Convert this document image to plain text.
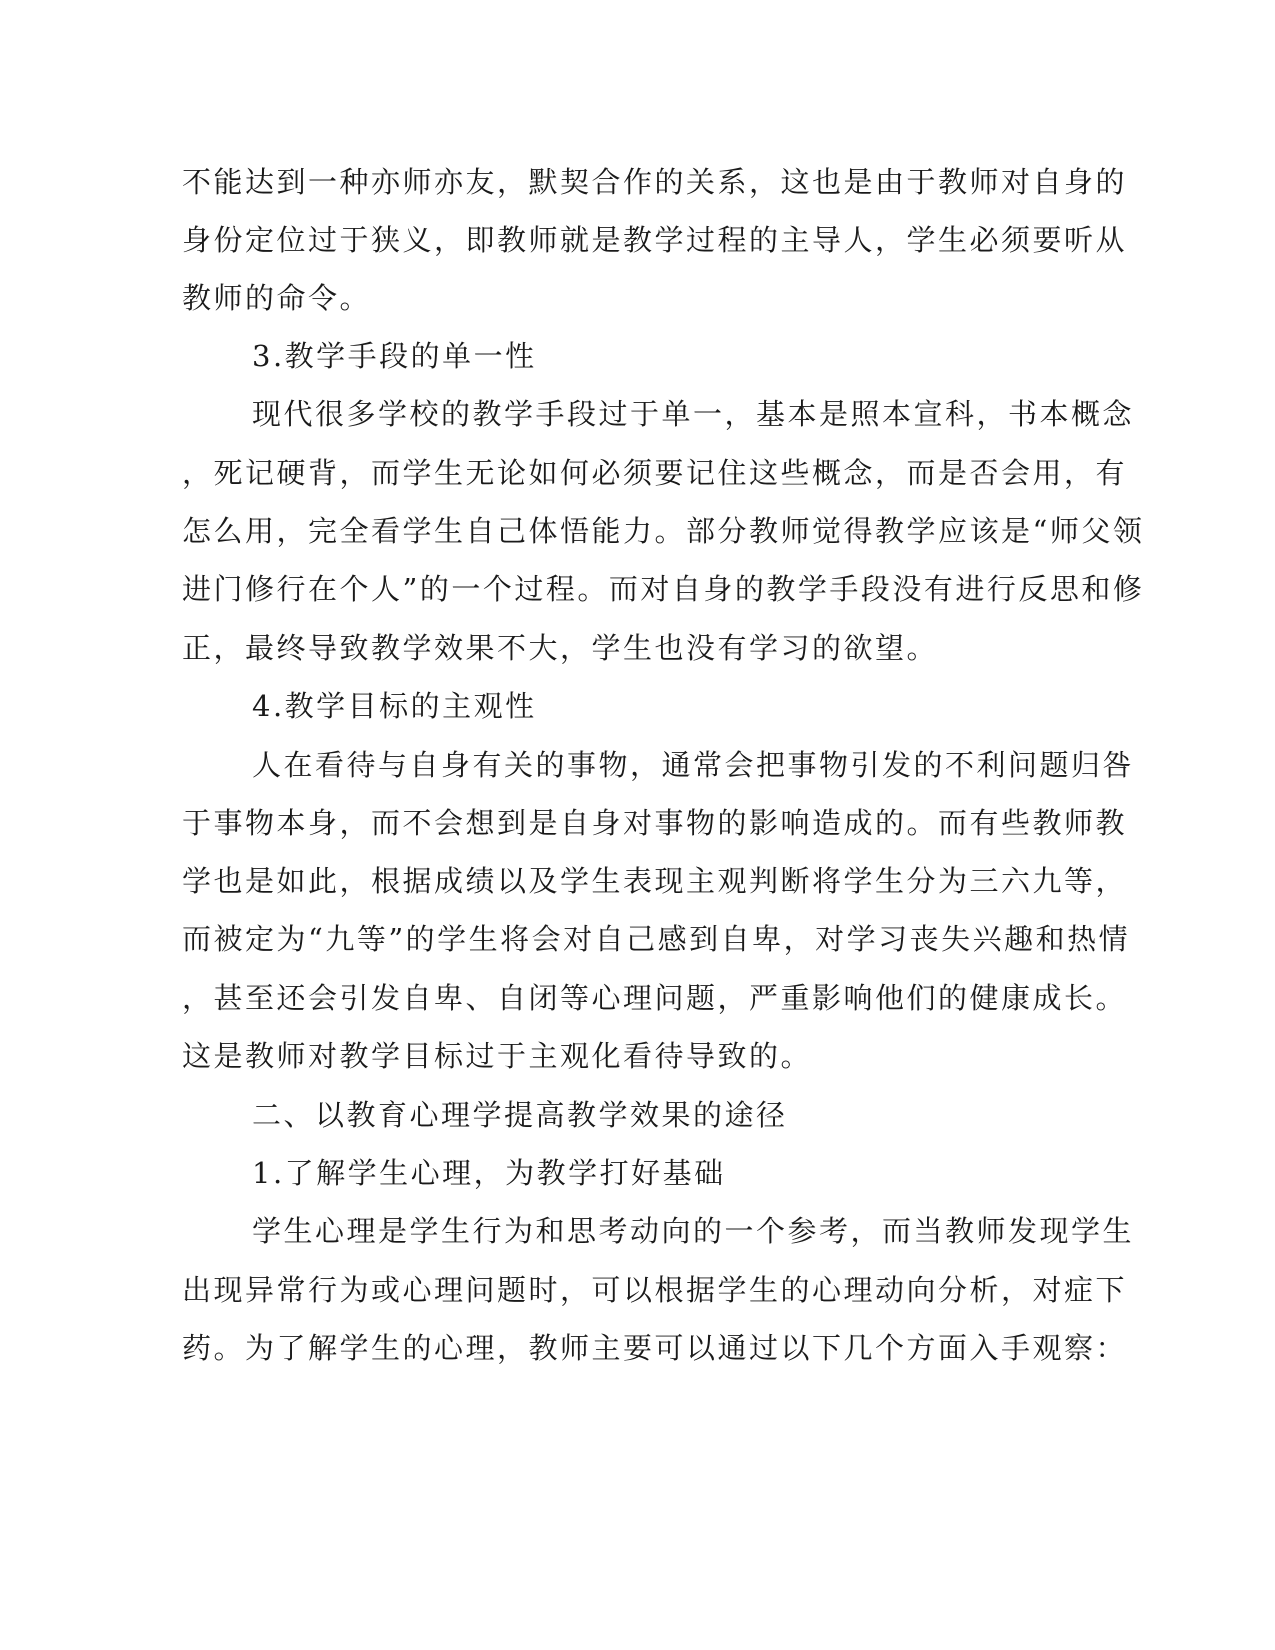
不能达到一种亦师亦友，默契合作的关系，这也是由于教师对自身的
身份定位过于狭义，即教师就是教学过程的主导人，学生必须要听从
教师的命令。
3.教学手段的单一性
现代很多学校的教学手段过于单一，基本是照本宣科，书本概念
，死记硬背，而学生无论如何必须要记住这些概念，而是否会用，有
怎么用，完全看学生自己体悟能力。部分教师觉得教学应该是“师父领
进门修行在个人”的一个过程。而对自身的教学手段没有进行反思和修
正，最终导致教学效果不大，学生也没有学习的欲望。
4.教学目标的主观性
人在看待与自身有关的事物，通常会把事物引发的不利问题归咎
于事物本身，而不会想到是自身对事物的影响造成的。而有些教师教
学也是如此，根据成绩以及学生表现主观判断将学生分为三六九等，
而被定为“九等”的学生将会对自己感到自卑，对学习丧失兴趣和热情
，甚至还会引发自卑、自闭等心理问题，严重影响他们的健康成长。
这是教师对教学目标过于主观化看待导致的。
二、以教育心理学提高教学效果的途径
1.了解学生心理，为教学打好基础
学生心理是学生行为和思考动向的一个参考，而当教师发现学生
出现异常行为或心理问题时，可以根据学生的心理动向分析，对症下
药。为了解学生的心理，教师主要可以通过以下几个方面入手观察：
